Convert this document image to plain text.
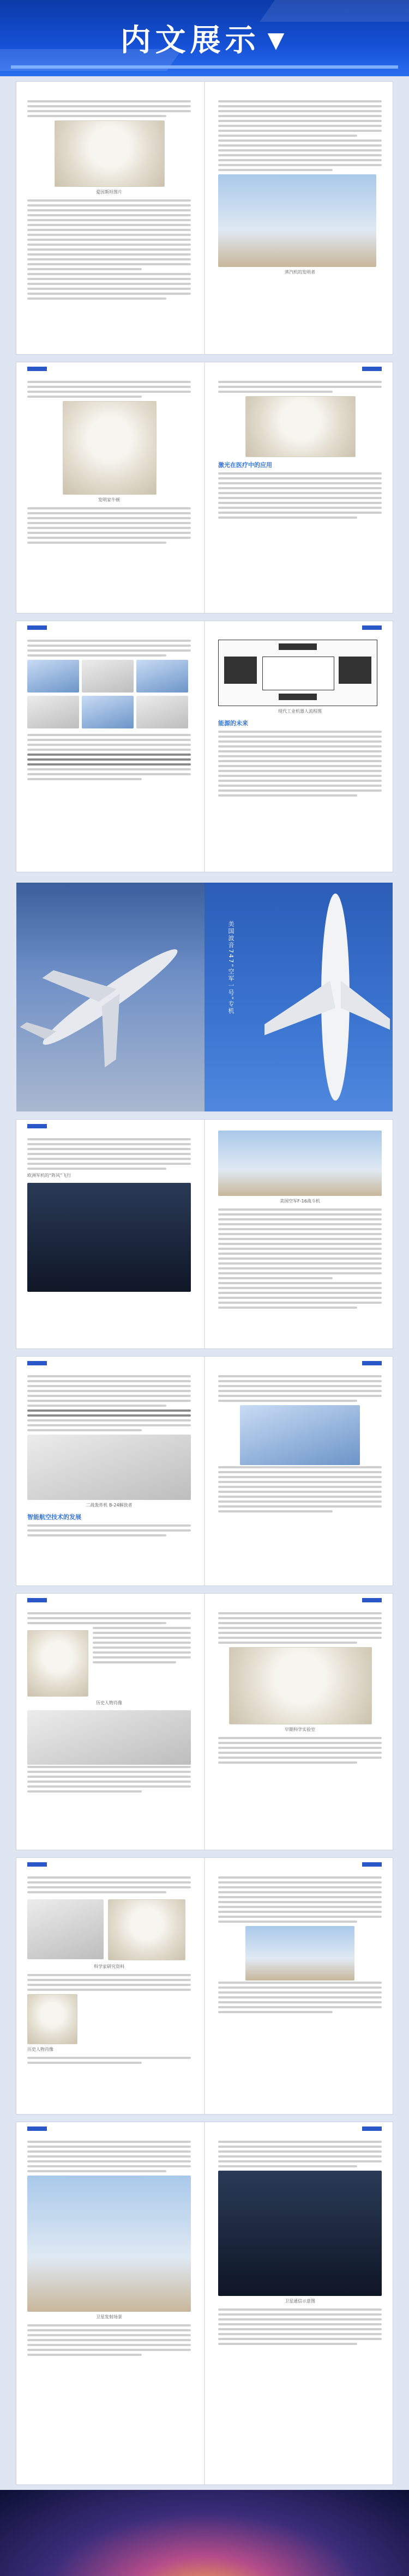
内文展示 ▼
爱因斯坦图片
蒸汽机的发明者
发明家牛顿
激光在医疗中的应用
现代工业机器人流程图
能源的未来
美国波音747“空军一号”专机
欧洲军机的“阵风”飞行
美国空军F-16战斗机
二战轰炸机 B-24解放者
智能航空技术的发展
历史人物肖像
早期科学实验室
科学家研究资料
历史人物肖像
卫星发射场景
卫星通信示意图
